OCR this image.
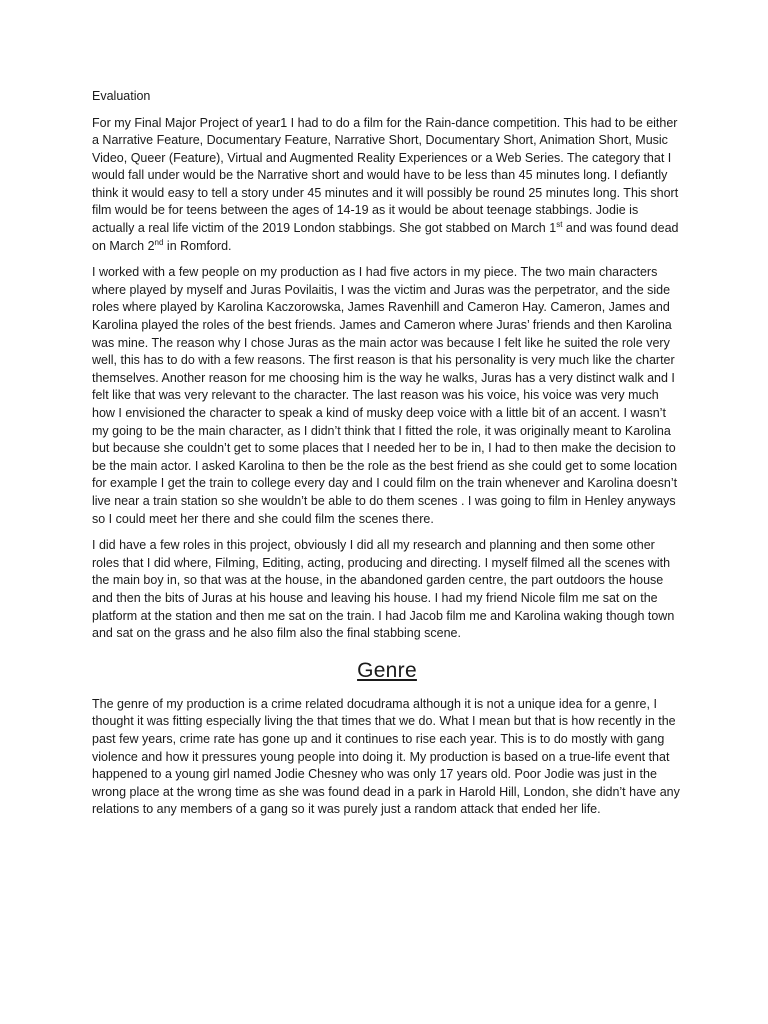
Evaluation

For my Final Major Project of year1 I had to do a film for the Rain-dance competition. This had to be either a Narrative Feature, Documentary Feature, Narrative Short, Documentary Short, Animation Short, Music Video, Queer (Feature), Virtual and Augmented Reality Experiences or a Web Series. The category that I would fall under would be the Narrative short and would have to be less than 45 minutes long. I defiantly think it would easy to tell a story under 45 minutes and it will possibly be round 25 minutes long. This short film would be for teens between the ages of 14-19 as it would be about teenage stabbings. Jodie is actually a real life victim of the 2019 London stabbings. She got stabbed on March 1st and was found dead on March 2nd in Romford.

I worked with a few people on my production as I had five actors in my piece. The two main characters where played by myself and Juras Povilaitis, I was the victim and Juras was the perpetrator, and the side roles where played by Karolina Kaczorowska, James Ravenhill and Cameron Hay. Cameron, James and Karolina played the roles of the best friends. James and Cameron where Juras’ friends and then Karolina was mine. The reason why I chose Juras as the main actor was because I felt like he suited the role very well, this has to do with a few reasons. The first reason is that his personality is very much like the charter themselves. Another reason for me choosing him is the way he walks, Juras has a very distinct walk and I felt like that was very relevant to the character. The last reason was his voice, his voice was very much how I envisioned the character to speak a kind of musky deep voice with a little bit of an accent. I wasn’t my going to be the main character, as I didn’t think that I fitted the role, it was originally meant to Karolina but because she couldn’t get to some places that I needed her to be in, I had to then make the decision to be the main actor. I asked Karolina to then be the role as the best friend as she could get to some location for example I get the train to college every day and I could film on the train whenever and Karolina doesn’t live near a train station so she wouldn’t be able to do them scenes . I was going to film in Henley anyways so I could meet her there and she could film the scenes there.

I did have a few roles in this project, obviously I did all my research and planning and then some other roles that I did where, Filming, Editing, acting, producing and directing. I myself filmed all the scenes with the main boy in, so that was at the house, in the abandoned garden centre, the part outdoors the house and then the bits of Juras at his house and leaving his house. I had my friend Nicole film me sat on the platform at the station and then me sat on the train. I had Jacob film me and Karolina waking though town and sat on the grass and he also film also the final stabbing scene.

Genre

The genre of my production is a crime related docudrama although it is not a unique idea for a genre, I thought it was fitting especially living the that times that we do. What I mean but that is how recently in the past few years, crime rate has gone up and it continues to rise each year. This is to do mostly with gang violence and how it pressures young people into doing it. My production is based on a true-life event that happened to a young girl named Jodie Chesney who was only 17 years old. Poor Jodie was just in the wrong place at the wrong time as she was found dead in a park in Harold Hill, London, she didn’t have any relations to any members of a gang so it was purely just a random attack that ended her life.
